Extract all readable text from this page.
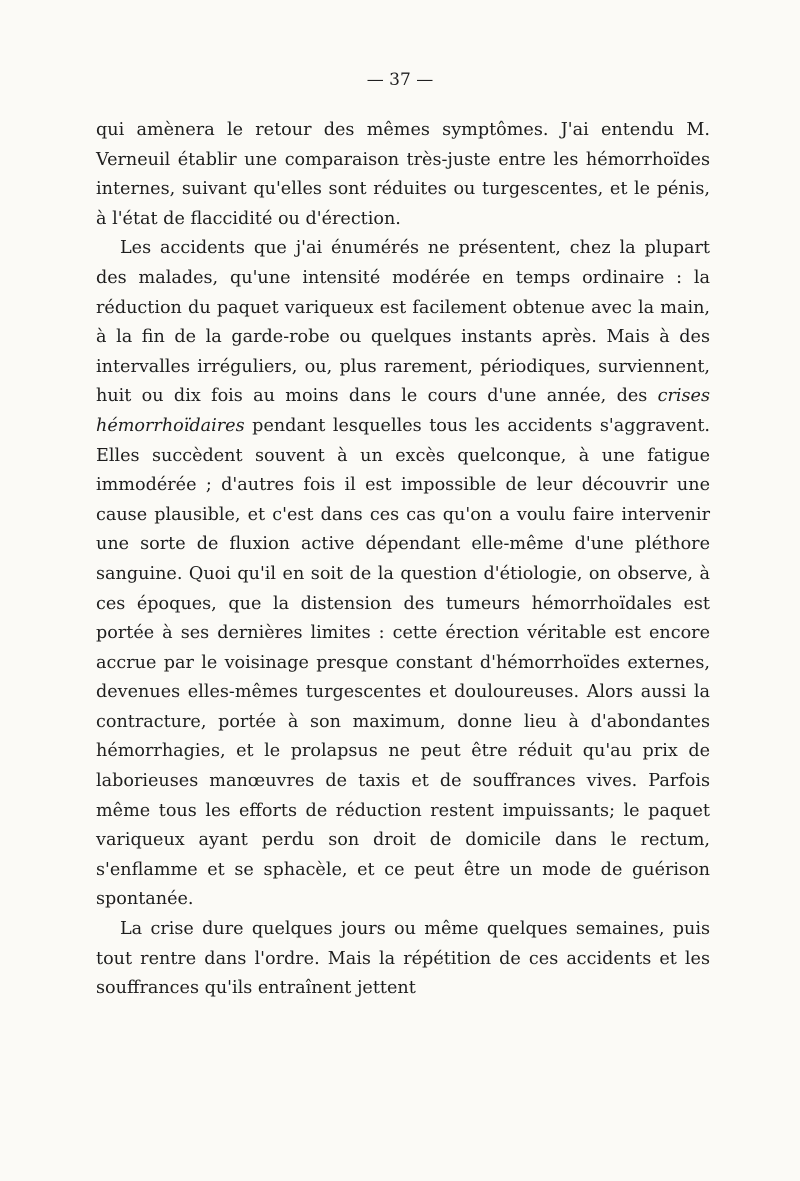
— 37 —

qui amènera le retour des mêmes symptômes. J'ai entendu M. Verneuil établir une comparaison très-juste entre les hémorrhoïdes internes, suivant qu'elles sont réduites ou turgescentes, et le pénis, à l'état de flaccidité ou d'érection.

Les accidents que j'ai énumérés ne présentent, chez la plupart des malades, qu'une intensité modérée en temps ordinaire : la réduction du paquet variqueux est facilement obtenue avec la main, à la fin de la garde-robe ou quelques instants après. Mais à des intervalles irréguliers, ou, plus rarement, périodiques, surviennent, huit ou dix fois au moins dans le cours d'une année, des crises hémorrhoïdaires pendant lesquelles tous les accidents s'aggravent. Elles succèdent souvent à un excès quelconque, à une fatigue immodérée ; d'autres fois il est impossible de leur découvrir une cause plausible, et c'est dans ces cas qu'on a voulu faire intervenir une sorte de fluxion active dépendant elle-même d'une pléthore sanguine. Quoi qu'il en soit de la question d'étiologie, on observe, à ces époques, que la distension des tumeurs hémorrhoïdales est portée à ses dernières limites : cette érection véritable est encore accrue par le voisinage presque constant d'hémorrhoïdes externes, devenues elles-mêmes turgescentes et douloureuses. Alors aussi la contracture, portée à son maximum, donne lieu à d'abondantes hémorrhagies, et le prolapsus ne peut être réduit qu'au prix de laborieuses manœuvres de taxis et de souffrances vives. Parfois même tous les efforts de réduction restent impuissants; le paquet variqueux ayant perdu son droit de domicile dans le rectum, s'enflamme et se sphacèle, et ce peut être un mode de guérison spontanée.

La crise dure quelques jours ou même quelques semaines, puis tout rentre dans l'ordre. Mais la répétition de ces accidents et les souffrances qu'ils entraînent jettent
